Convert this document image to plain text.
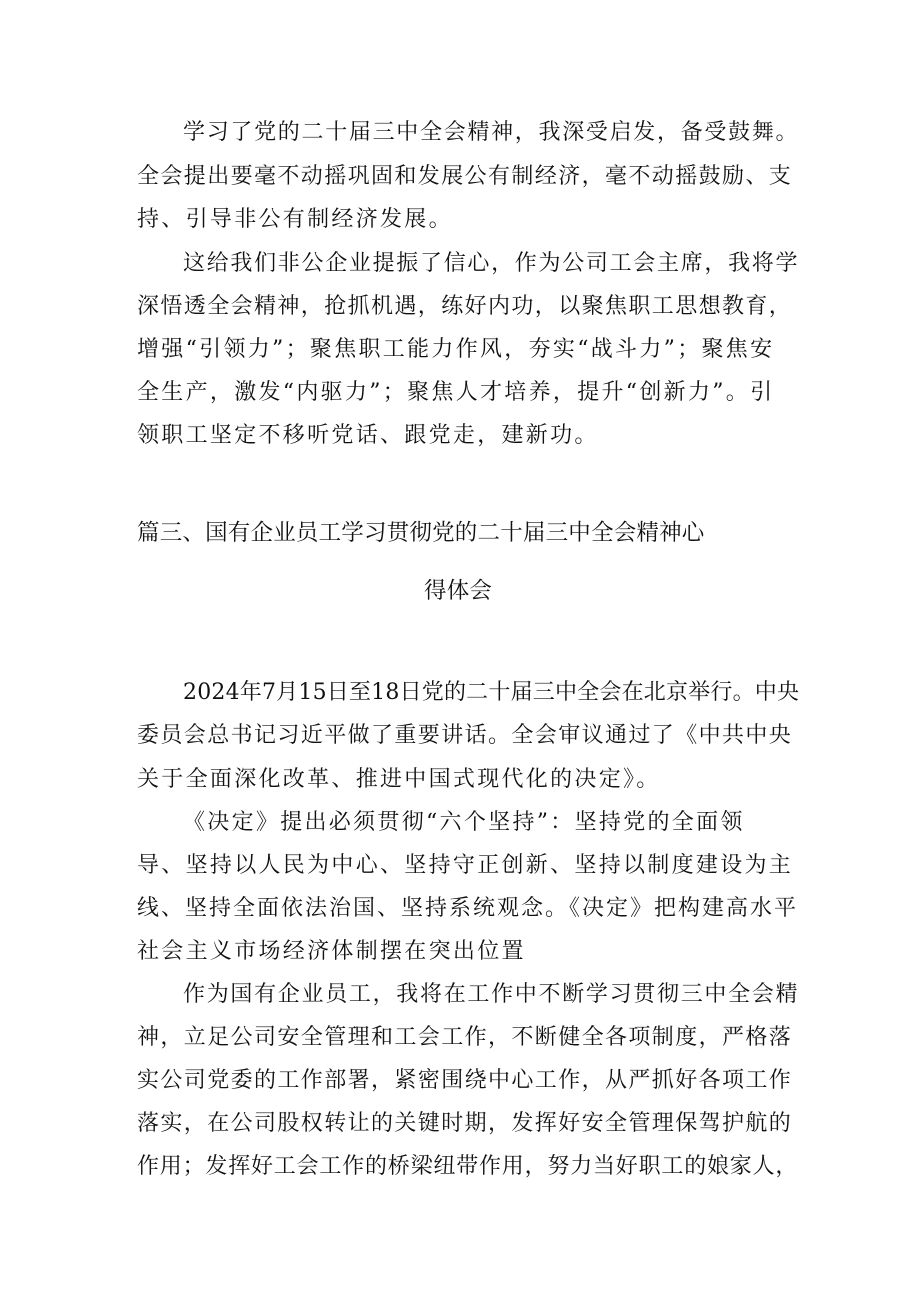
学习了党的二十届三中全会精神，我深受启发，备受鼓舞。
全会提出要毫不动摇巩固和发展公有制经济，毫不动摇鼓励、支
持、引导非公有制经济发展。
这给我们非公企业提振了信心，作为公司工会主席，我将学
深悟透全会精神，抢抓机遇，练好内功，以聚焦职工思想教育，
增强“引领力”；聚焦职工能力作风，夯实“战斗力”；聚焦安
全生产，激发“内驱力”；聚焦人才培养，提升“创新力”。引
领职工坚定不移听党话、跟党走，建新功。
篇三、国有企业员工学习贯彻党的二十届三中全会精神心
得体会
2024年7月15日至18日党的二十届三中全会在北京举行。中央
委员会总书记习近平做了重要讲话。全会审议通过了《中共中央
关于全面深化改革、推进中国式现代化的决定》。
《决定》提出必须贯彻“六个坚持”：坚持党的全面领
导、坚持以人民为中心、坚持守正创新、坚持以制度建设为主
线、坚持全面依法治国、坚持系统观念。《决定》把构建高水平
社会主义市场经济体制摆在突出位置
作为国有企业员工，我将在工作中不断学习贯彻三中全会精
神，立足公司安全管理和工会工作，不断健全各项制度，严格落
实公司党委的工作部署，紧密围绕中心工作，从严抓好各项工作
落实，在公司股权转让的关键时期，发挥好安全管理保驾护航的
作用；发挥好工会工作的桥梁纽带作用，努力当好职工的娘家人，
